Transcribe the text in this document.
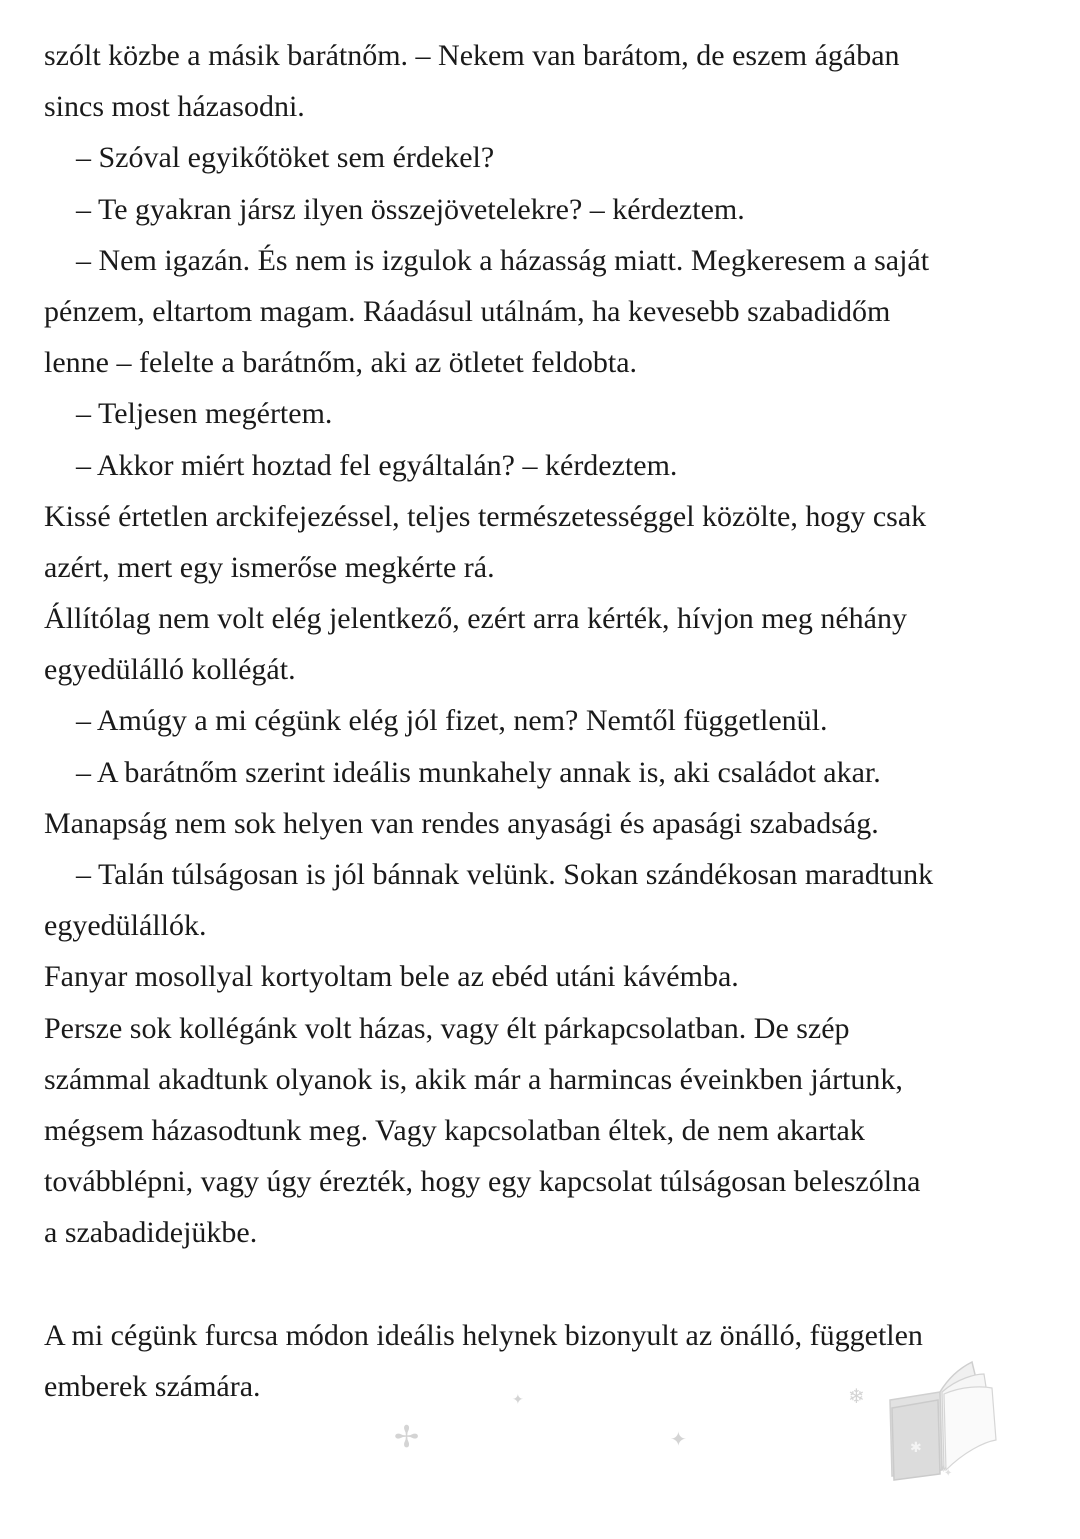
szólt közbe a másik barátnőm. – Nekem van barátom, de eszem ágában
sincs most házasodni.
– Szóval egyikőtöket sem érdekel?
– Te gyakran jársz ilyen összejövetelekre? – kérdeztem.
– Nem igazán. És nem is izgulok a házasság miatt. Megkeresem a saját
pénzem, eltartom magam. Ráadásul utálnám, ha kevesebb szabadidőm
lenne – felelte a barátnőm, aki az ötletet feldobta.
– Teljesen megértem.
– Akkor miért hoztad fel egyáltalán? – kérdeztem.
Kissé értetlen arckifejezéssel, teljes természetességgel közölte, hogy csak
azért, mert egy ismerőse megkérte rá.
Állítólag nem volt elég jelentkező, ezért arra kérték, hívjon meg néhány
egyedülálló kollégát.
– Amúgy a mi cégünk elég jól fizet, nem? Nemtől függetlenül.
– A barátnőm szerint ideális munkahely annak is, aki családot akar.
Manapság nem sok helyen van rendes anyasági és apasági szabadság.
– Talán túlságosan is jól bánnak velünk. Sokan szándékosan maradtunk
egyedülállók.
Fanyar mosollyal kortyoltam bele az ebéd utáni kávémba.
Persze sok kollégánk volt házas, vagy élt párkapcsolatban. De szép
számmal akadtunk olyanok is, akik már a harmincas éveinkben jártunk,
mégsem házasodtunk meg. Vagy kapcsolatban éltek, de nem akartak
továbblépni, vagy úgy érezték, hogy egy kapcsolat túlságosan beleszólna
a szabadidejükbe.
A mi cégünk furcsa módon ideális helynek bizonyult az önálló, független
emberek számára.	✦
✢	✦
❄
✱
✦
